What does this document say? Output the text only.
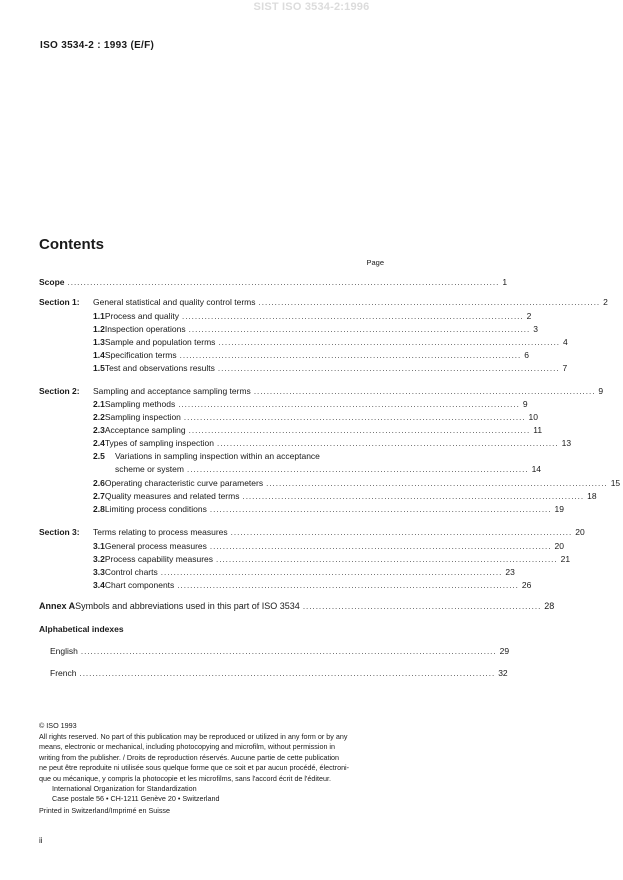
SIST ISO 3534-2:1996
ISO 3534-2 : 1993 (E/F)
Contents
Page
Scope ...................................................................................................................................... 1
Section 1: General statistical and quality control terms .......................................................................................................... 2
1.1 Process and quality .......................................................................................................... 2
1.2 Inspection operations .......................................................................................................... 3
1.3 Sample and population terms .......................................................................................................... 4
1.4 Specification terms .......................................................................................................... 6
1.5 Test and observations results .......................................................................................................... 7
Section 2: Sampling and acceptance sampling terms .......................................................................................................... 9
2.1 Sampling methods .......................................................................................................... 9
2.2 Sampling inspection .......................................................................................................... 10
2.3 Acceptance sampling .......................................................................................................... 11
2.4 Types of sampling inspection .......................................................................................................... 13
2.5 Variations in sampling inspection within an acceptance
scheme or system .......................................................................................................... 14
2.6 Operating characteristic curve parameters .......................................................................................................... 15
2.7 Quality measures and related terms .......................................................................................................... 18
2.8 Limiting process conditions .......................................................................................................... 19
Section 3: Terms relating to process measures .......................................................................................................... 20
3.1 General process measures .......................................................................................................... 20
3.2 Process capability measures .......................................................................................................... 21
3.3 Control charts .......................................................................................................... 23
3.4 Chart components .......................................................................................................... 26
Annex A Symbols and abbreviations used in this part of ISO 3534 .......................................................................... 28
Alphabetical indexes
English ................................................................................................................................. 29
French ................................................................................................................................. 32
© ISO 1993
All rights reserved. No part of this publication may be reproduced or utilized in any form or by any
means, electronic or mechanical, including photocopying and microfilm, without permission in
writing from the publisher. / Droits de reproduction réservés. Aucune partie de cette publication
ne peut être reproduite ni utilisée sous quelque forme que ce soit et par aucun procédé, électroni-
que ou mécanique, y compris la photocopie et les microfilms, sans l'accord écrit de l'éditeur.
International Organization for Standardization
Case postale 56 • CH-1211 Genève 20 • Switzerland
Printed in Switzerland/Imprimé en Suisse
ii
